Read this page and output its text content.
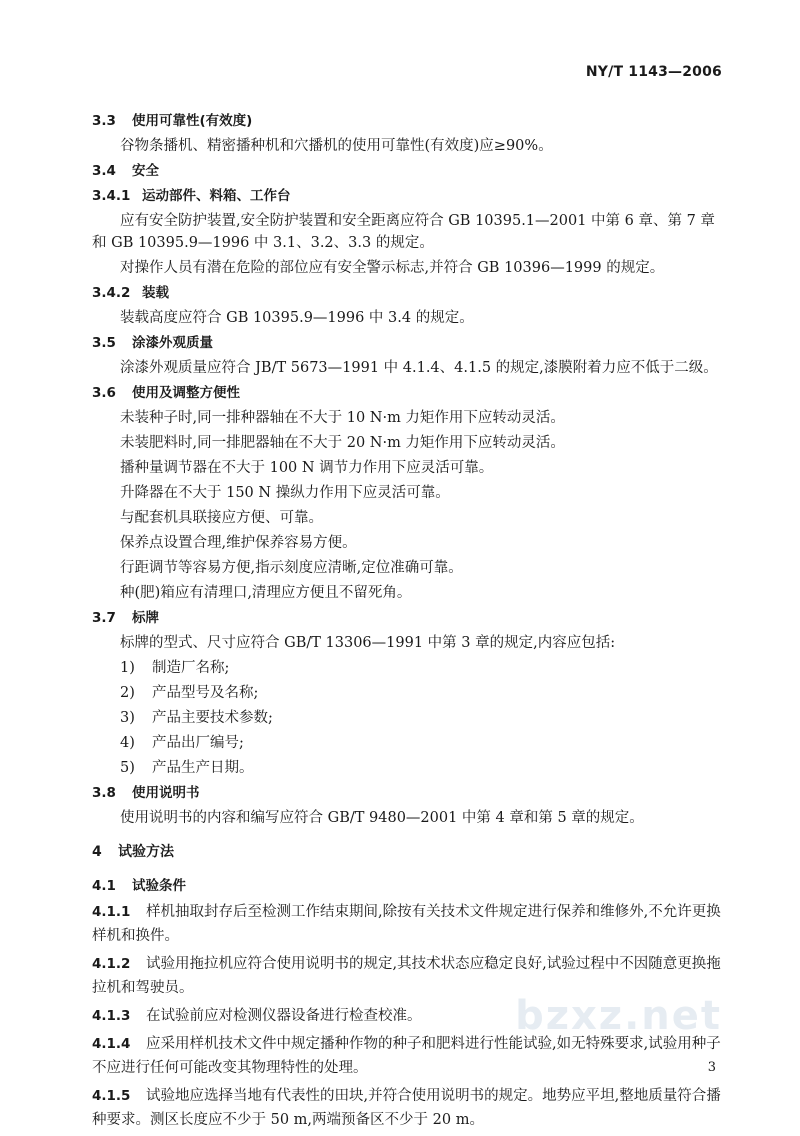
NY/T 1143—2006
3.3 使用可靠性(有效度)
谷物条播机、精密播种机和穴播机的使用可靠性(有效度)应≥90%。
3.4 安全
3.4.1 运动部件、料箱、工作台
应有安全防护装置,安全防护装置和安全距离应符合 GB 10395.1—2001 中第 6 章、第 7 章和 GB 10395.9—1996 中 3.1、3.2、3.3 的规定。
对操作人员有潜在危险的部位应有安全警示标志,并符合 GB 10396—1999 的规定。
3.4.2 装载
装载高度应符合 GB 10395.9—1996 中 3.4 的规定。
3.5 涂漆外观质量
涂漆外观质量应符合 JB/T 5673—1991 中 4.1.4、4.1.5 的规定,漆膜附着力应不低于二级。
3.6 使用及调整方便性
未装种子时,同一排种器轴在不大于 10 N·m 力矩作用下应转动灵活。
未装肥料时,同一排肥器轴在不大于 20 N·m 力矩作用下应转动灵活。
播种量调节器在不大于 100 N 调节力作用下应灵活可靠。
升降器在不大于 150 N 操纵力作用下应灵活可靠。
与配套机具联接应方便、可靠。
保养点设置合理,维护保养容易方便。
行距调节等容易方便,指示刻度应清晰,定位准确可靠。
种(肥)箱应有清理口,清理应方便且不留死角。
3.7 标牌
标牌的型式、尺寸应符合 GB/T 13306—1991 中第 3 章的规定,内容应包括:
1) 制造厂名称;
2) 产品型号及名称;
3) 产品主要技术参数;
4) 产品出厂编号;
5) 产品生产日期。
3.8 使用说明书
使用说明书的内容和编写应符合 GB/T 9480—2001 中第 4 章和第 5 章的规定。
4 试验方法
4.1 试验条件
4.1.1 样机抽取封存后至检测工作结束期间,除按有关技术文件规定进行保养和维修外,不允许更换样机和换件。
4.1.2 试验用拖拉机应符合使用说明书的规定,其技术状态应稳定良好,试验过程中不因随意更换拖拉机和驾驶员。
4.1.3 在试验前应对检测仪器设备进行检查校准。
4.1.4 应采用样机技术文件中规定播种作物的种子和肥料进行性能试验,如无特殊要求,试验用种子不应进行任何可能改变其物理特性的处理。
4.1.5 试验地应选择当地有代表性的田块,并符合使用说明书的规定。地势应平坦,整地质量符合播种要求。测区长度应不少于 50 m,两端预备区不少于 20 m。
bzxz.net
3
